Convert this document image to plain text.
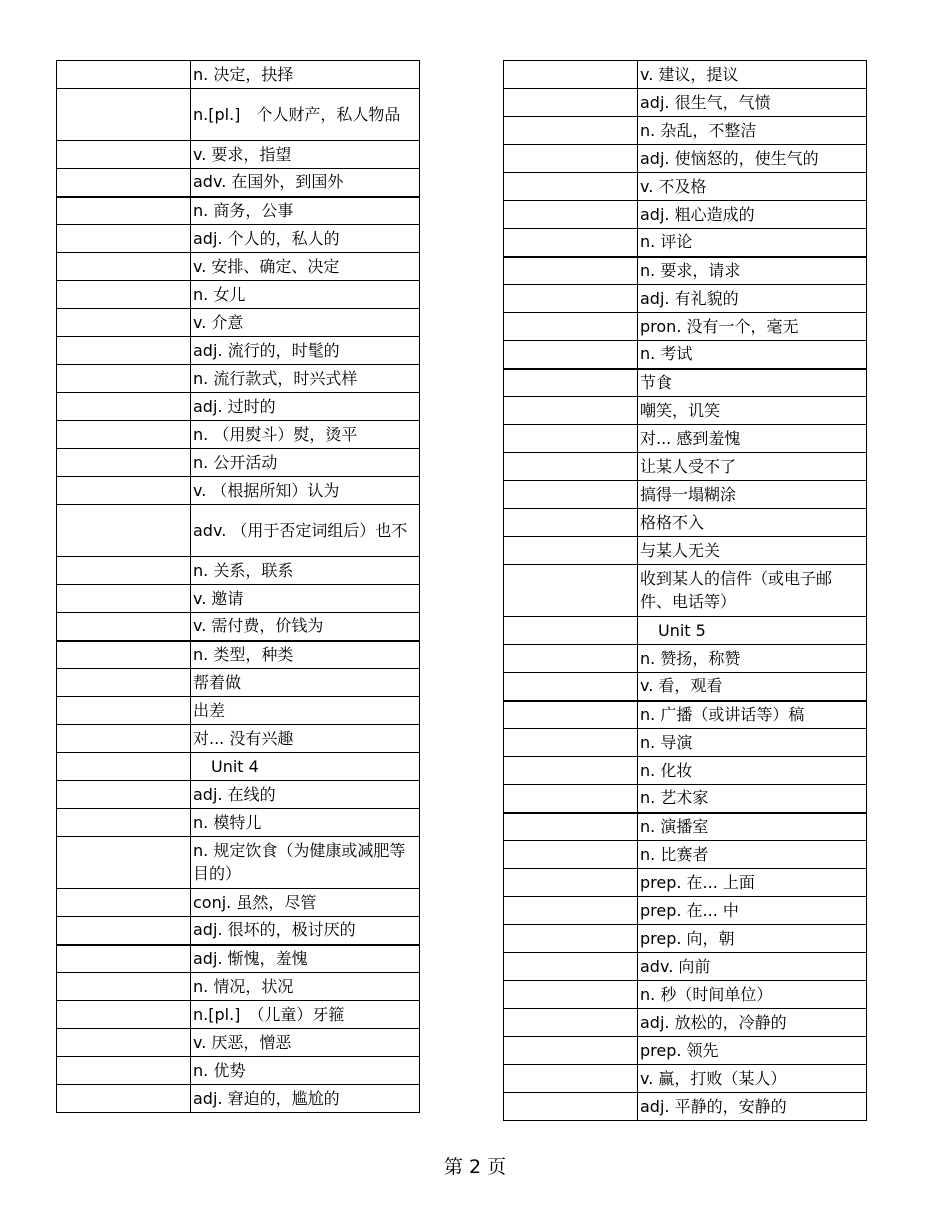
	n. 决定，抉择
	n.[pl.]　个人财产，私人物品
	v. 要求，指望
	adv. 在国外，到国外
	n. 商务，公事
	adj. 个人的，私人的
	v. 安排、确定、决定
	n. 女儿
	v. 介意
	adj. 流行的，时髦的
	n. 流行款式，时兴式样
	adj. 过时的
	n. （用熨斗）熨，烫平
	n. 公开活动
	v. （根据所知）认为
	adv. （用于否定词组后）也不
	n. 关系，联系
	v. 邀请
	v. 需付费，价钱为
	n. 类型，种类
	帮着做
	出差
	对... 没有兴趣
	Unit 4
	adj. 在线的
	n. 模特儿
	n. 规定饮食（为健康或减肥等目的）
	conj. 虽然，尽管
	adj. 很坏的，极讨厌的
	adj. 惭愧，羞愧
	n. 情况，状况
	n.[pl.]　（儿童）牙箍
	v. 厌恶，憎恶
	n. 优势
	adj. 窘迫的，尴尬的
	v. 建议，提议
	adj. 很生气，气愤
	n. 杂乱，不整洁
	adj. 使恼怒的，使生气的
	v. 不及格
	adj. 粗心造成的
	n. 评论
	n. 要求，请求
	adj. 有礼貌的
	pron. 没有一个，毫无
	n. 考试
	节食
	嘲笑，讥笑
	对... 感到羞愧
	让某人受不了
	搞得一塌糊涂
	格格不入
	与某人无关
	收到某人的信件（或电子邮件、电话等）
	Unit 5
	n. 赞扬，称赞
	v. 看，观看
	n. 广播（或讲话等）稿
	n. 导演
	n. 化妆
	n. 艺术家
	n. 演播室
	n. 比赛者
	prep. 在... 上面
	prep. 在... 中
	prep. 向，朝
	adv. 向前
	n. 秒（时间单位）
	adj. 放松的，冷静的
	prep. 领先
	v. 赢，打败（某人）
	adj. 平静的，安静的
第 2 页
